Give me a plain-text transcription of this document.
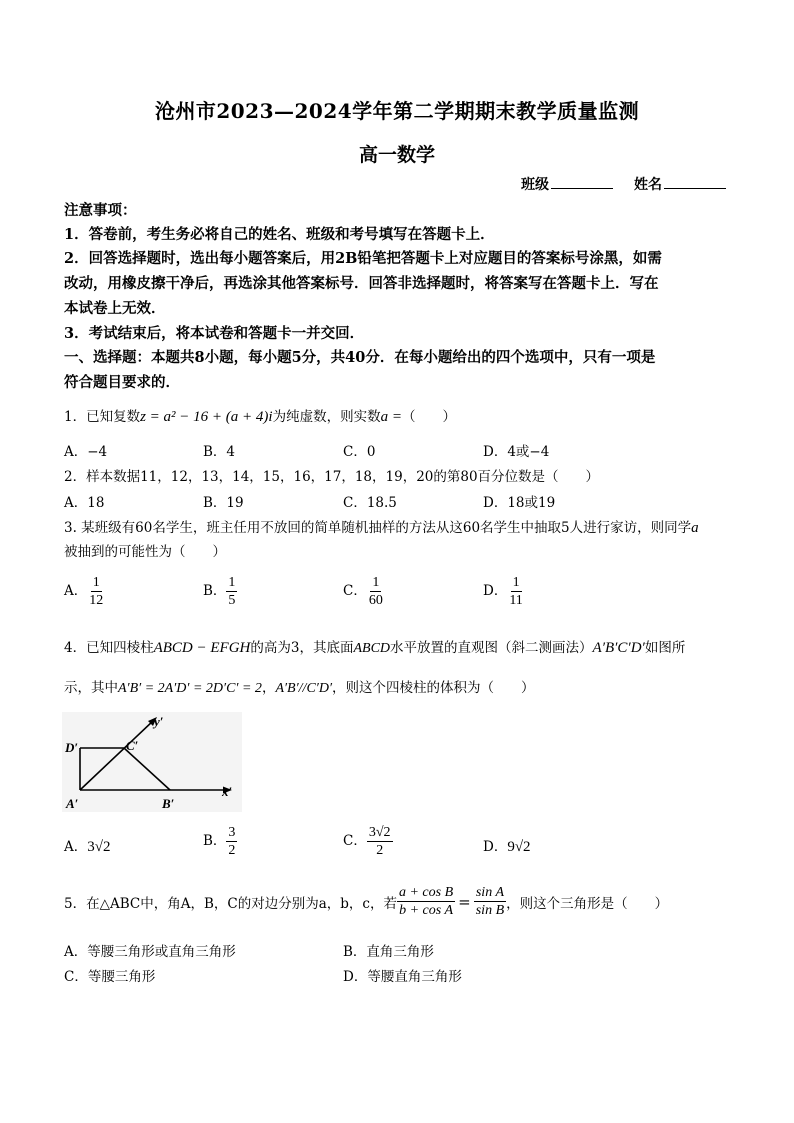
沧州市2023—2024学年第二学期期末教学质量监测
高一数学
班级	姓名
注意事项：
1．答卷前，考生务必将自己的姓名、班级和考号填写在答题卡上．
2．回答选择题时，选出每小题答案后，用2B铅笔把答题卡上对应题目的答案标号涂黑，如需
改动，用橡皮擦干净后，再选涂其他答案标号．回答非选择题时，将答案写在答题卡上．写在
本试卷上无效．
3．考试结束后，将本试卷和答题卡一并交回．
一、选择题：本题共8小题，每小题5分，共40分．在每小题给出的四个选项中，只有一项是
符合题目要求的．
1．已知复数z = a² − 16 + (a + 4)i为纯虚数，则实数a =（　　）
A．−4	B．4	C．0	D．4或−4
2．样本数据11，12，13，14，15，16，17，18，19，20的第80百分位数是（　　）
A．18	B．19	C．18.5	D．18或19
3. 某班级有60名学生，班主任用不放回的简单随机抽样的方法从这60名学生中抽取5人进行家访，则同学a
被抽到的可能性为（　　）
A． $\frac{1}{12}$	B． $\frac{1}{5}$	C． $\frac{1}{60}$	D． $\frac{1}{11}$
4．已知四棱柱ABCD − EFGH的高为3，其底面ABCD水平放置的直观图（斜二测画法）A′B′C′D′如图所
示，其中A′B′ = 2A′D′ = 2D′C′ = 2，A′B′//C′D′，则这个四棱柱的体积为（　　）
y′
D′	C′
A′	B′
x′
A．3√2	B． $\frac{3}{2}$	C． $\frac{3√2}{2}$	D．9√2
5．在△ABC中，角A，B，C的对边分别为a，b，c，若 $\frac{\text{a + cos B}}{\text{b + cos A}} = \frac{\text{sin A}}{\text{sin B}}$ ，则这个三角形是（　　）
A．等腰三角形或直角三角形	B．直角三角形
C．等腰三角形	D．等腰直角三角形
